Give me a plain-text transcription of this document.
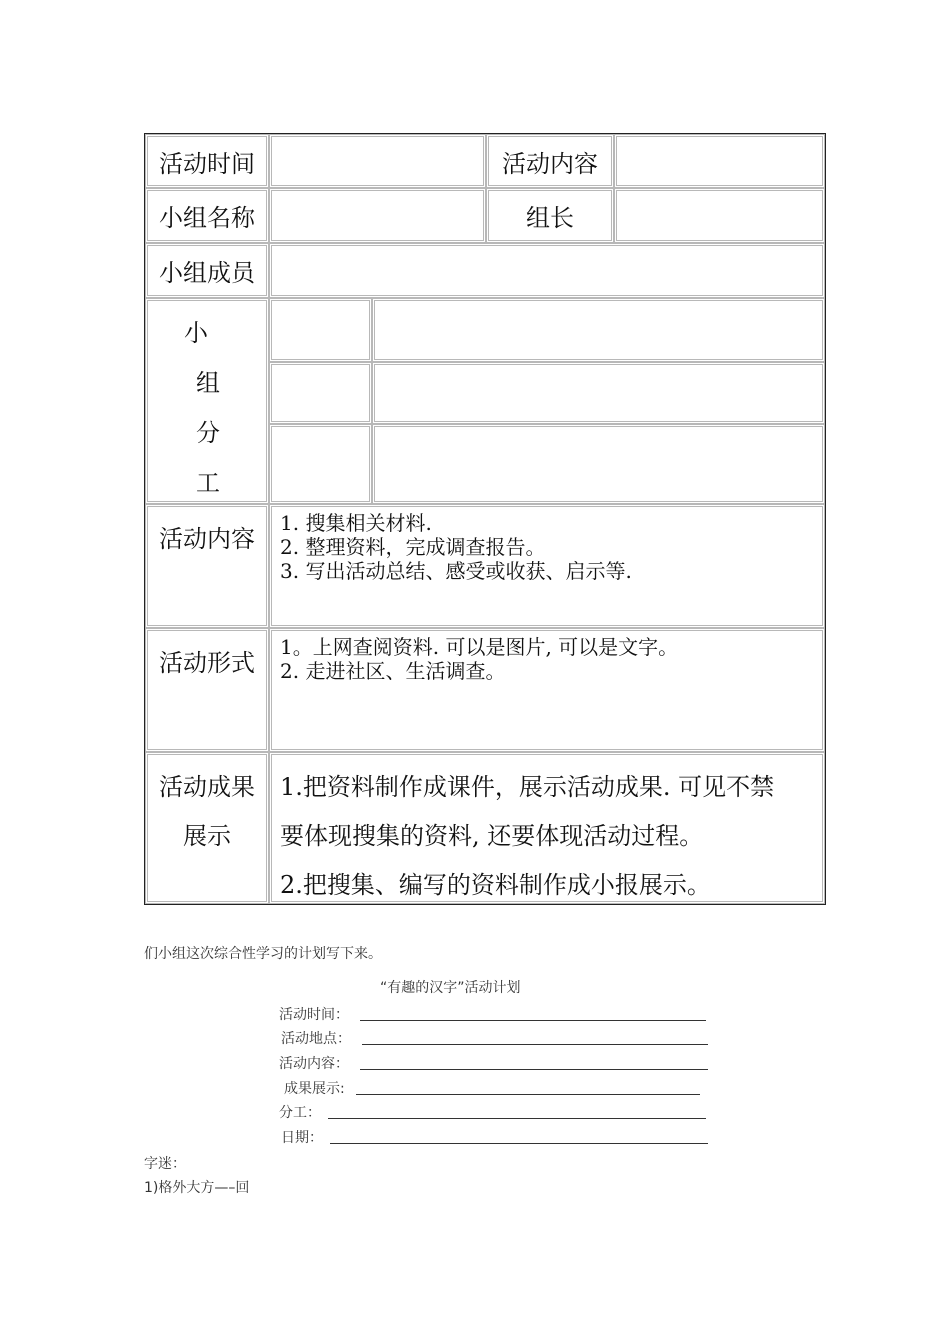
活动时间	活动内容
小组名称	组长
小组成员
小
组
分
工
活动内容
1. 搜集相关材料.
2. 整理资料，完成调查报告。
3. 写出活动总结、感受或收获、启示等.
活动形式
1。上网查阅资料. 可以是图片, 可以是文字。
2. 走进社区、生活调查。
活动成果
展示
1.把资料制作成课件，展示活动成果. 可见不禁
要体现搜集的资料, 还要体现活动过程。
2.把搜集、编写的资料制作成小报展示。
们小组这次综合性学习的计划写下来。
“有趣的汉字”活动计划
活动时间：
活动地点：
活动内容：
成果展示:
分工：
日期：
字迷：
1)格外大方—–回
